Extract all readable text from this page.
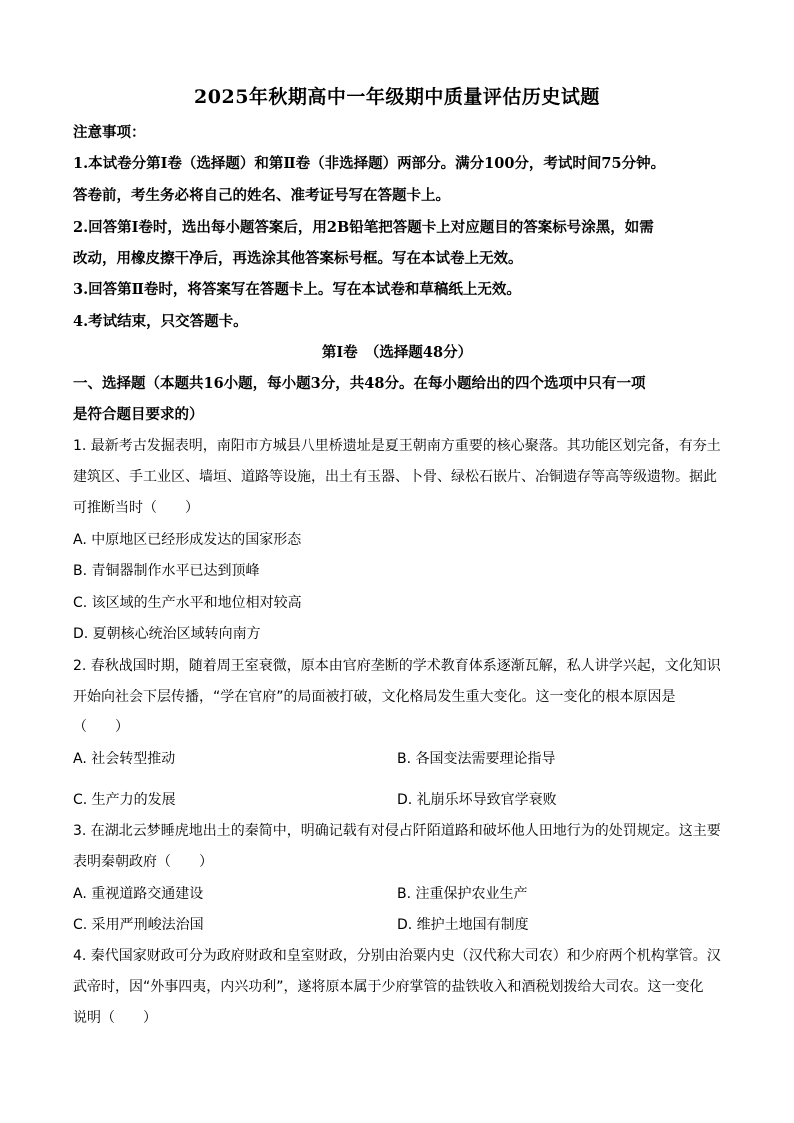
2025年秋期高中一年级期中质量评估历史试题
注意事项：
1.本试卷分第Ⅰ卷（选择题）和第Ⅱ卷（非选择题）两部分。满分100分，考试时间75分钟。
答卷前，考生务必将自己的姓名、准考证号写在答题卡上。
2.回答第Ⅰ卷时，选出每小题答案后，用2B铅笔把答题卡上对应题目的答案标号涂黑，如需
改动，用橡皮擦干净后，再选涂其他答案标号框。写在本试卷上无效。
3.回答第Ⅱ卷时，将答案写在答题卡上。写在本试卷和草稿纸上无效。
4.考试结束，只交答题卡。
第Ⅰ卷　（选择题48分）
一、选择题（本题共16小题，每小题3分，共48分。在每小题给出的四个选项中只有一项
是符合题目要求的）
1. 最新考古发掘表明，南阳市方城县八里桥遗址是夏王朝南方重要的核心聚落。其功能区划完备，有夯土
建筑区、手工业区、墙垣、道路等设施，出土有玉器、卜骨、绿松石嵌片、冶铜遗存等高等级遗物。据此
可推断当时（　　）
A. 中原地区已经形成发达的国家形态
B. 青铜器制作水平已达到顶峰
C. 该区域的生产水平和地位相对较高
D. 夏朝核心统治区域转向南方
2. 春秋战国时期，随着周王室衰微，原本由官府垄断的学术教育体系逐渐瓦解，私人讲学兴起，文化知识
开始向社会下层传播，“学在官府”的局面被打破，文化格局发生重大变化。这一变化的根本原因是
（　　）
A. 社会转型推动	B. 各国变法需要理论指导
C. 生产力的发展	D. 礼崩乐坏导致官学衰败
3. 在湖北云梦睡虎地出土的秦简中，明确记载有对侵占阡陌道路和破坏他人田地行为的处罚规定。这主要
表明秦朝政府（　　）
A. 重视道路交通建设	B. 注重保护农业生产
C. 采用严刑峻法治国	D. 维护土地国有制度
4. 秦代国家财政可分为政府财政和皇室财政，分别由治粟内史（汉代称大司农）和少府两个机构掌管。汉
武帝时，因“外事四夷，内兴功利”，遂将原本属于少府掌管的盐铁收入和酒税划拨给大司农。这一变化
说明（　　）
